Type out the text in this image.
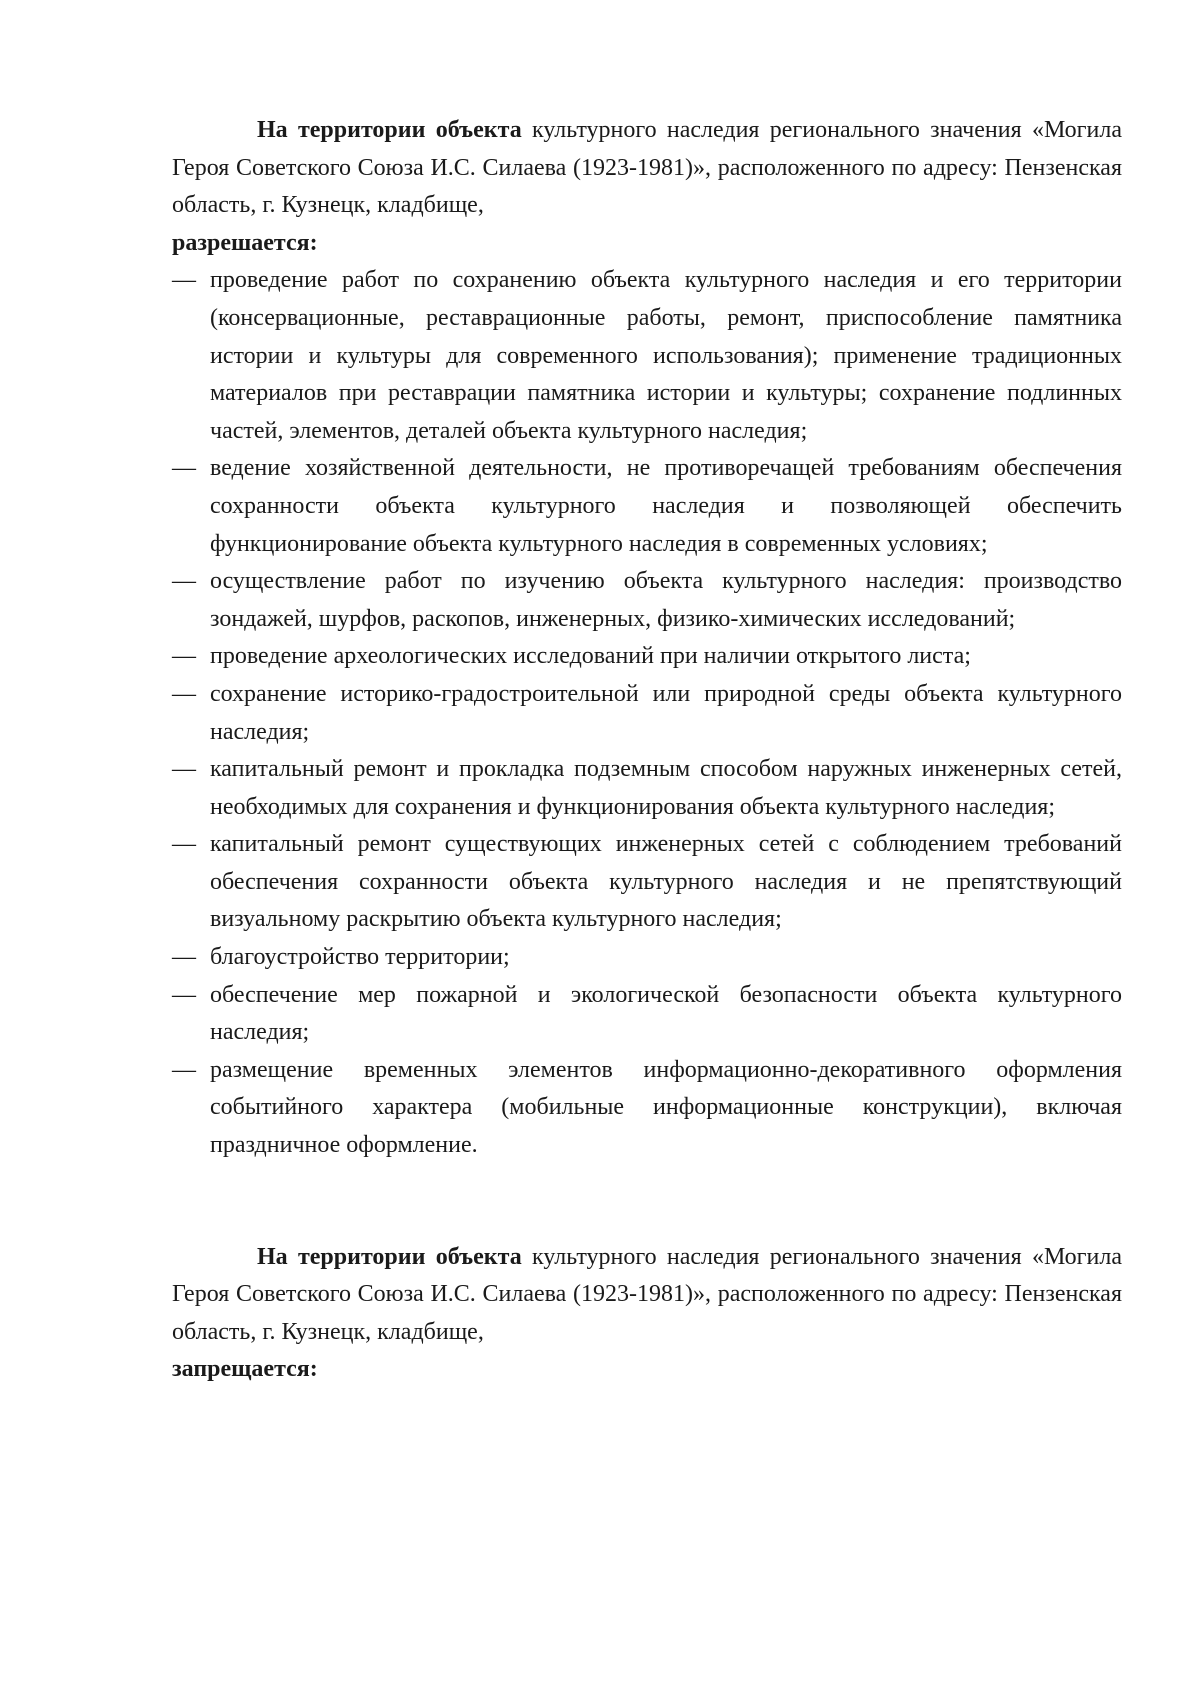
На территории объекта культурного наследия регионального значения «Могила Героя Советского Союза И.С. Силаева (1923-1981)», расположенного по адресу: Пензенская область, г. Кузнецк, кладбище,

разрешается:

— проведение работ по сохранению объекта культурного наследия и его территории (консервационные, реставрационные работы, ремонт, приспособление памятника истории и культуры для современного использования); применение традиционных материалов при реставрации памятника истории и культуры; сохранение подлинных частей, элементов, деталей объекта культурного наследия;
— ведение хозяйственной деятельности, не противоречащей требованиям обеспечения сохранности объекта культурного наследия и позволяющей обеспечить функционирование объекта культурного наследия в современных условиях;
— осуществление работ по изучению объекта культурного наследия: производство зондажей, шурфов, раскопов, инженерных, физико-химических исследований;
— проведение археологических исследований при наличии открытого листа;
— сохранение историко-градостроительной или природной среды объекта культурного наследия;
— капитальный ремонт и прокладка подземным способом наружных инженерных сетей, необходимых для сохранения и функционирования объекта культурного наследия;
— капитальный ремонт существующих инженерных сетей с соблюдением требований обеспечения сохранности объекта культурного наследия и не препятствующий визуальному раскрытию объекта культурного наследия;
— благоустройство территории;
— обеспечение мер пожарной и экологической безопасности объекта культурного наследия;
— размещение временных элементов информационно-декоративного оформления событийного характера (мобильные информационные конструкции), включая праздничное оформление.

На территории объекта культурного наследия регионального значения «Могила Героя Советского Союза И.С. Силаева (1923-1981)», расположенного по адресу: Пензенская область, г. Кузнецк, кладбище,

запрещается:
